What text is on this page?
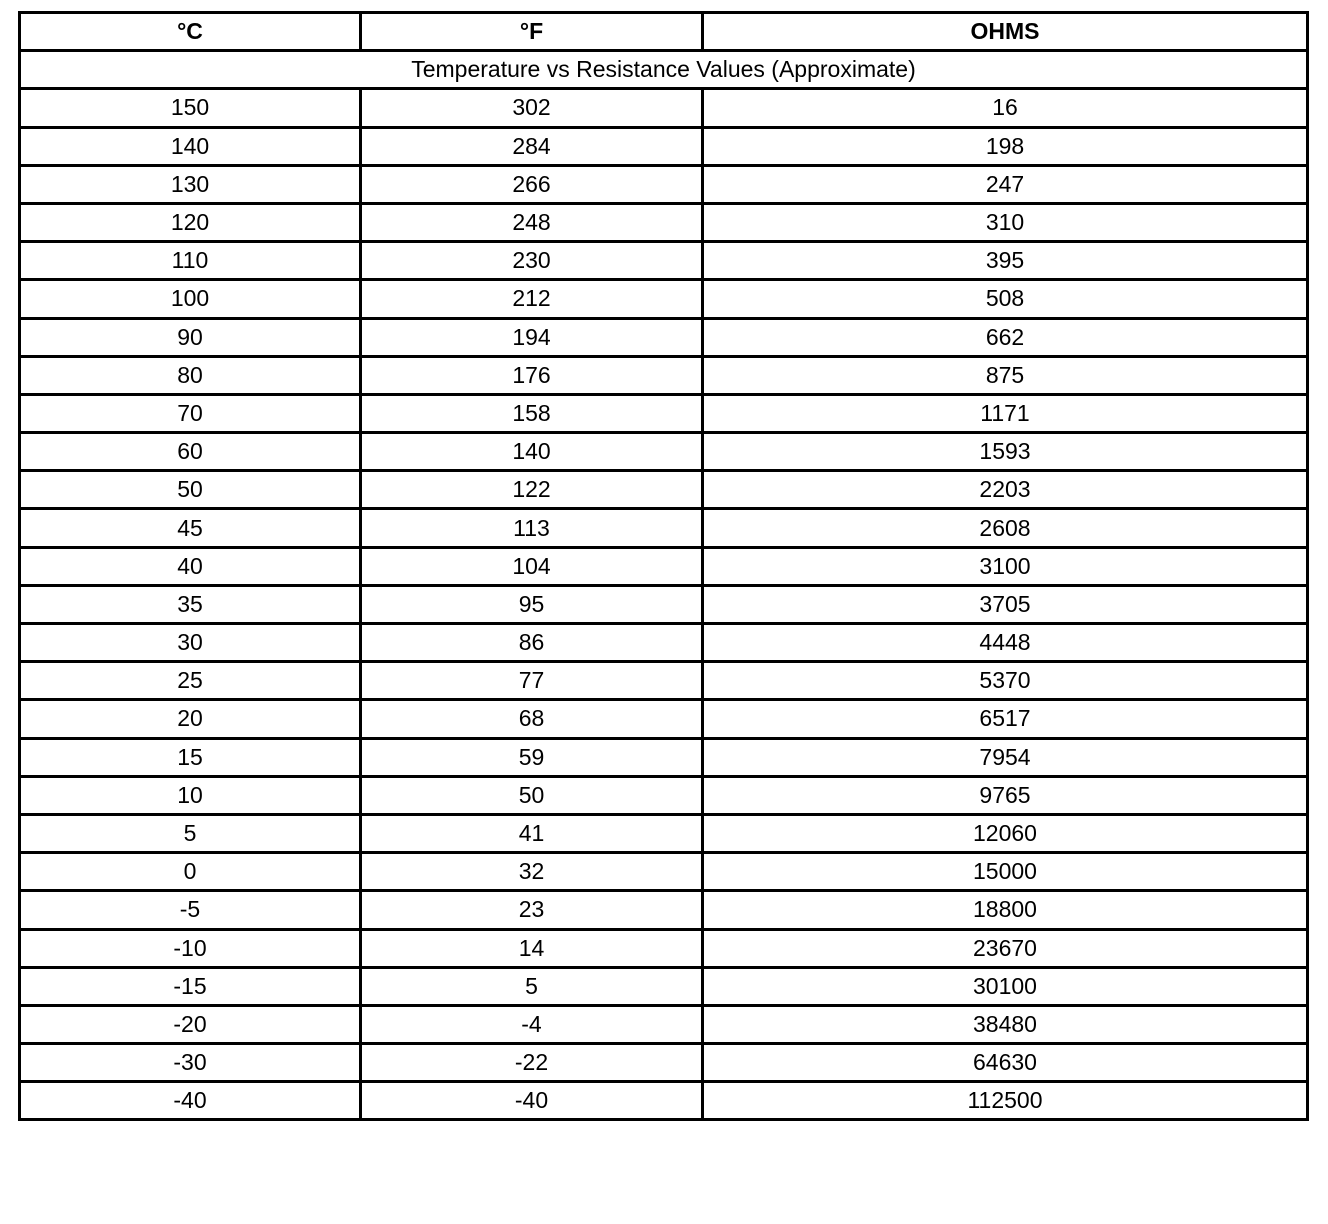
°C	°F	OHMS
Temperature vs Resistance Values (Approximate)		
150	302	16
140	284	198
130	266	247
120	248	310
110	230	395
100	212	508
90	194	662
80	176	875
70	158	1171
60	140	1593
50	122	2203
45	113	2608
40	104	3100
35	95	3705
30	86	4448
25	77	5370
20	68	6517
15	59	7954
10	50	9765
5	41	12060
0	32	15000
-5	23	18800
-10	14	23670
-15	5	30100
-20	-4	38480
-30	-22	64630
-40	-40	112500
